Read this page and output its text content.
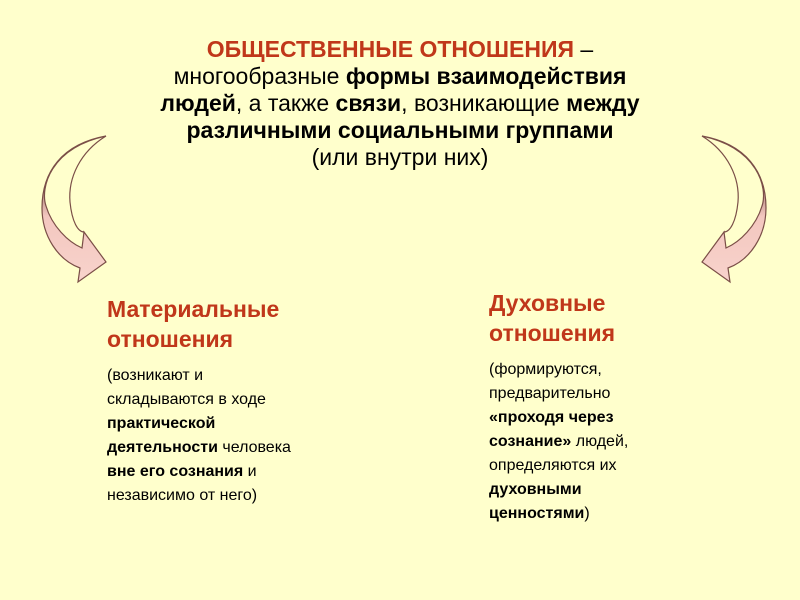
ОБЩЕСТВЕННЫЕ ОТНОШЕНИЯ –
многообразные формы взаимодействия
людей, а также связи, возникающие между
различными социальными группами
(или внутри них)
Материальные
отношения
(возникают и
складываются в ходе
практической
деятельности человека
вне его сознания и
независимо от него)
Духовные
отношения
(формируются,
предварительно
«проходя через
сознание» людей,
определяются их
духовными
ценностями)
